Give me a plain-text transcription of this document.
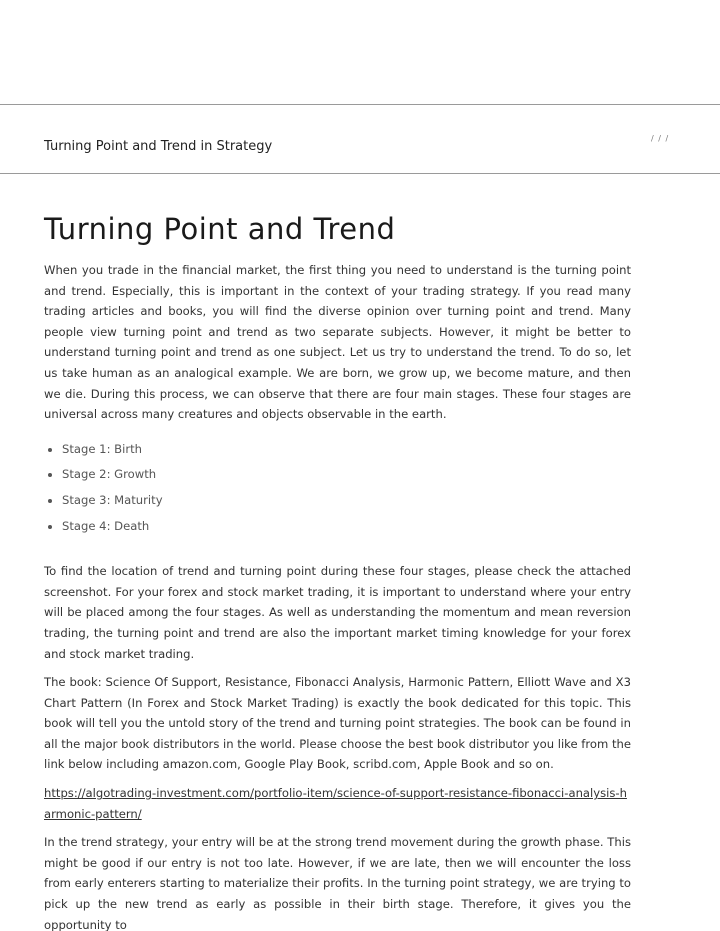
Turning Point and Trend in Strategy
/ / /
Turning Point and Trend

When you trade in the financial market, the first thing you need to understand is the turning point and trend. Especially, this is important in the context of your trading strategy. If you read many trading articles and books, you will find the diverse opinion over turning point and trend. Many people view turning point and trend as two separate subjects. However, it might be better to understand turning point and trend as one subject. Let us try to understand the trend. To do so, let us take human as an analogical example. We are born, we grow up, we become mature, and then we die. During this process, we can observe that there are four main stages. These four stages are universal across many creatures and objects observable in the earth.

• Stage 1: Birth
• Stage 2: Growth
• Stage 3: Maturity
• Stage 4: Death

To find the location of trend and turning point during these four stages, please check the attached screenshot. For your forex and stock market trading, it is important to understand where your entry will be placed among the four stages. As well as understanding the momentum and mean reversion trading, the turning point and trend are also the important market timing knowledge for your forex and stock market trading.

The book: Science Of Support, Resistance, Fibonacci Analysis, Harmonic Pattern, Elliott Wave and X3 Chart Pattern (In Forex and Stock Market Trading) is exactly the book dedicated for this topic. This book will tell you the untold story of the trend and turning point strategies. The book can be found in all the major book distributors in the world. Please choose the best book distributor you like from the link below including amazon.com, Google Play Book, scribd.com, Apple Book and so on.

https://algotrading-investment.com/portfolio-item/science-of-support-resistance-fibonacci-analysis-harmonic-pattern/

In the trend strategy, your entry will be at the strong trend movement during the growth phase. This might be good if our entry is not too late. However, if we are late, then we will encounter the loss from early enterers starting to materialize their profits. In the turning point strategy, we are trying to pick up the new trend as early as possible in their birth stage. Therefore, it gives you the opportunity to
